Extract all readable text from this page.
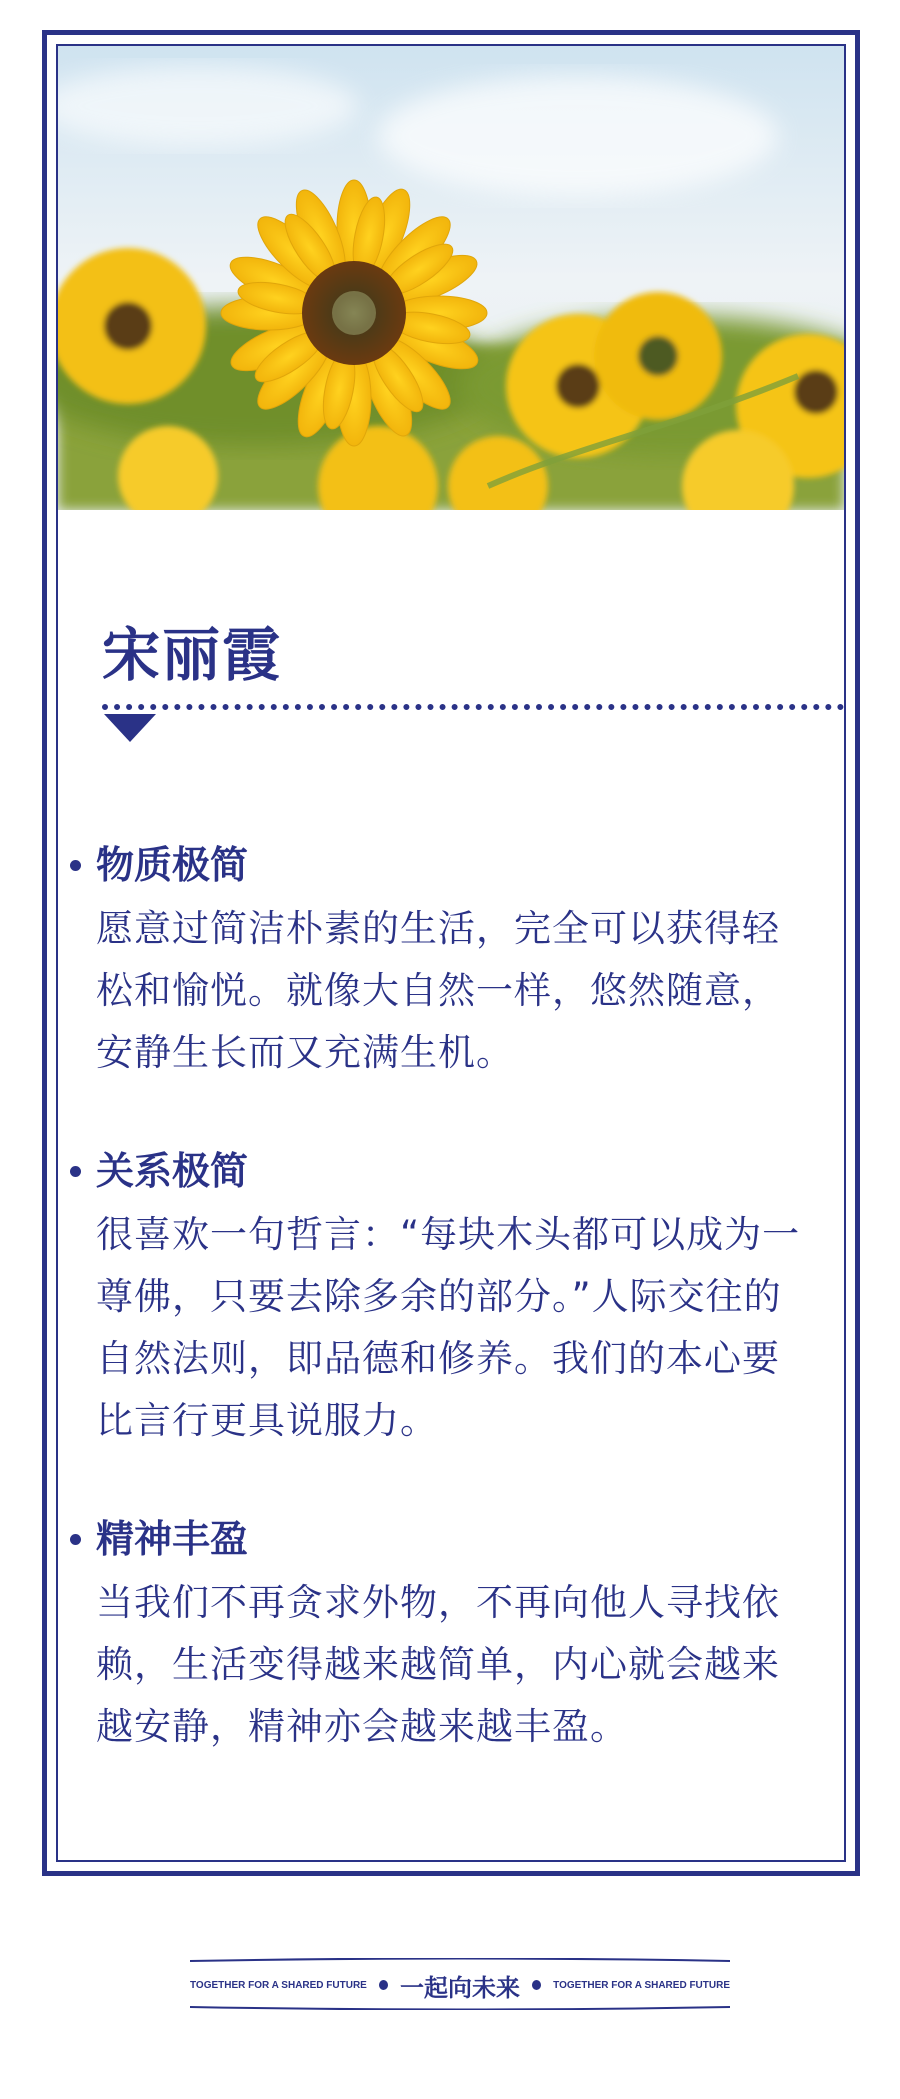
宋丽霞
物质极简
愿意过简洁朴素的生活，完全可以获得轻松和愉悦。就像大自然一样，悠然随意，安静生长而又充满生机。
关系极简
很喜欢一句哲言：“每块木头都可以成为一尊佛，只要去除多余的部分。”人际交往的自然法则，即品德和修养。我们的本心要比言行更具说服力。
精神丰盈
当我们不再贪求外物，不再向他人寻找依赖，生活变得越来越简单，内心就会越来越安静，精神亦会越来越丰盈。
TOGETHER FOR A SHARED FUTURE 一起向未来	TOGETHER FOR A SHARED FUTURE
